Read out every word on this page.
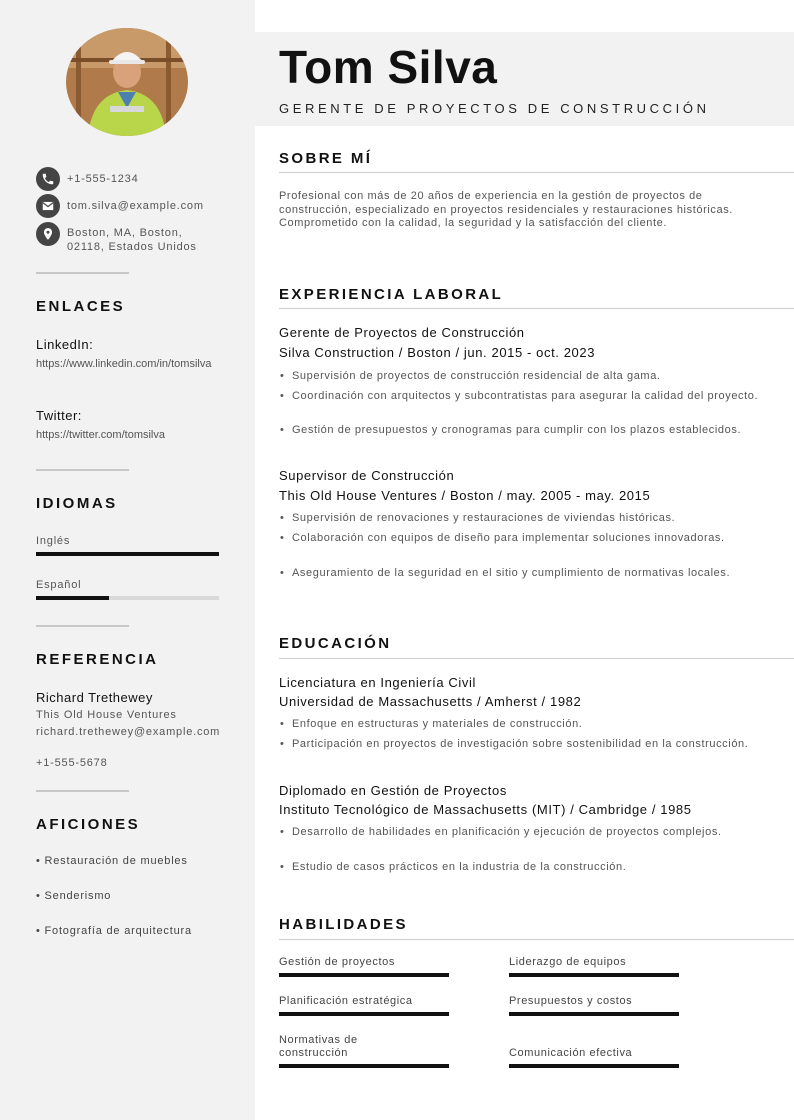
+1-555-1234
tom.silva@example.com
Boston, MA, Boston, 02118, Estados Unidos
ENLACES
LinkedIn:
https://www.linkedin.com/in/tomsilva
Twitter:
https://twitter.com/tomsilva
IDIOMAS
Inglés
Español
REFERENCIA
Richard Trethewey
This Old House Ventures
richard.trethewey@example.com
+1-555-5678
AFICIONES
• Restauración de muebles
• Senderismo
• Fotografía de arquitectura
Tom Silva
GERENTE DE PROYECTOS DE CONSTRUCCIÓN
SOBRE MÍ
Profesional con más de 20 años de experiencia en la gestión de proyectos de construcción, especializado en proyectos residenciales y restauraciones históricas. Comprometido con la calidad, la seguridad y la satisfacción del cliente.
EXPERIENCIA LABORAL
Gerente de Proyectos de Construcción
Silva Construction / Boston / jun. 2015 - oct. 2023
• Supervisión de proyectos de construcción residencial de alta gama.
• Coordinación con arquitectos y subcontratistas para asegurar la calidad del proyecto.
• Gestión de presupuestos y cronogramas para cumplir con los plazos establecidos.
Supervisor de Construcción
This Old House Ventures / Boston / may. 2005 - may. 2015
• Supervisión de renovaciones y restauraciones de viviendas históricas.
• Colaboración con equipos de diseño para implementar soluciones innovadoras.
• Aseguramiento de la seguridad en el sitio y cumplimiento de normativas locales.
EDUCACIÓN
Licenciatura en Ingeniería Civil
Universidad de Massachusetts / Amherst / 1982
• Enfoque en estructuras y materiales de construcción.
• Participación en proyectos de investigación sobre sostenibilidad en la construcción.
Diplomado en Gestión de Proyectos
Instituto Tecnológico de Massachusetts (MIT) / Cambridge / 1985
• Desarrollo de habilidades en planificación y ejecución de proyectos complejos.
• Estudio de casos prácticos en la industria de la construcción.
HABILIDADES
Gestión de proyectos	Liderazgo de equipos
Planificación estratégica	Presupuestos y costos
Normativas de construcción	Comunicación efectiva
